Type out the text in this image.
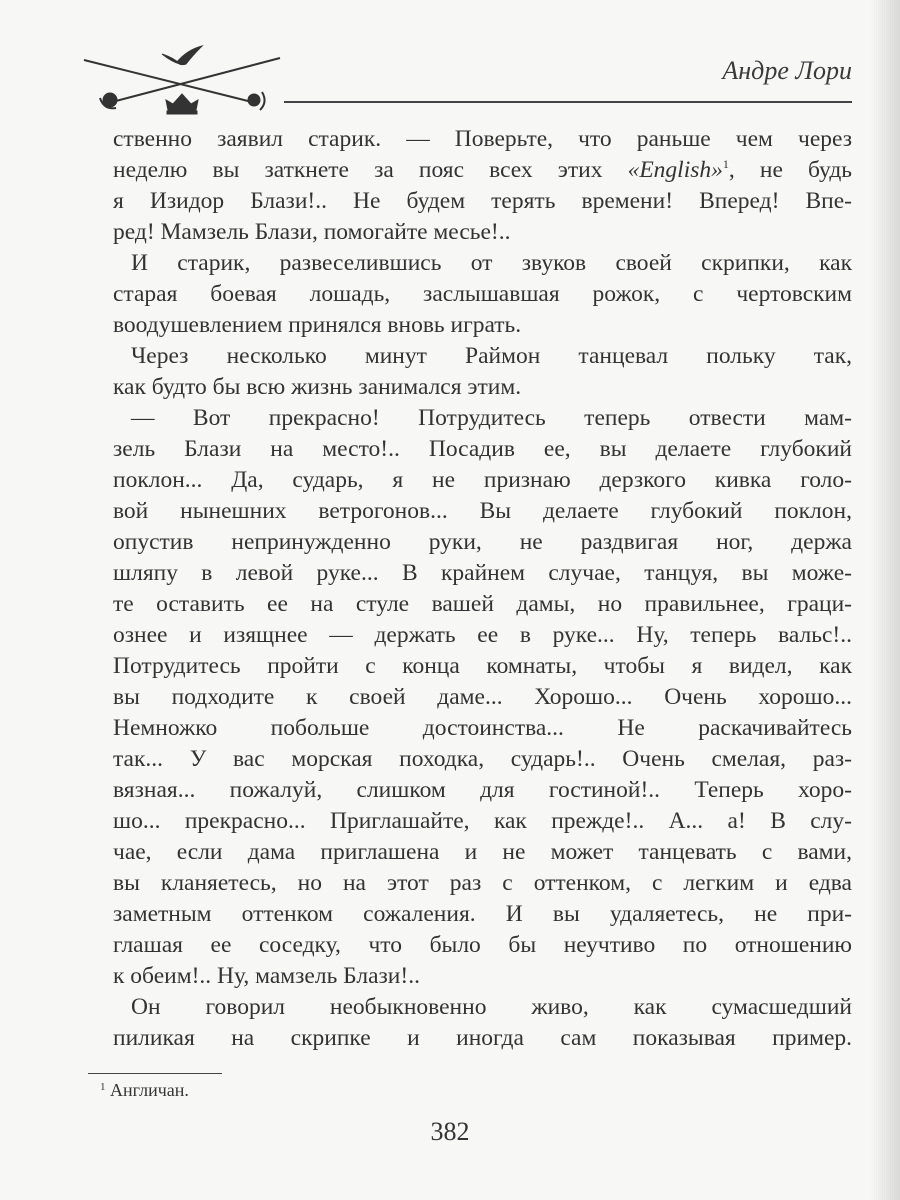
Андре Лори
ственно заявил старик. — Поверьте, что раньше чем через
неделю вы заткнете за пояс всех этих «English»$^1$, не будь
я Изидор Блази!.. Не будем терять времени! Вперед! Впе-
ред! Мамзель Блази, помогайте месье!..
И старик, развеселившись от звуков своей скрипки, как
старая боевая лошадь, заслышавшая рожок, с чертовским
воодушевлением принялся вновь играть.
Через несколько минут Раймон танцевал польку так,
как будто бы всю жизнь занимался этим.
— Вот прекрасно! Потрудитесь теперь отвести мам-
зель Блази на место!.. Посадив ее, вы делаете глубокий
поклон... Да, сударь, я не признаю дерзкого кивка голо-
вой нынешних ветрогонов... Вы делаете глубокий поклон,
опустив непринужденно руки, не раздвигая ног, держа
шляпу в левой руке... В крайнем случае, танцуя, вы може-
те оставить ее на стуле вашей дамы, но правильнее, граци-
ознее и изящнее — держать ее в руке... Ну, теперь вальс!..
Потрудитесь пройти с конца комнаты, чтобы я видел, как
вы подходите к своей даме... Хорошо... Очень хорошо...
Немножко побольше достоинства... Не раскачивайтесь
так... У вас морская походка, сударь!.. Очень смелая, раз-
вязная... пожалуй, слишком для гостиной!.. Теперь хоро-
шо... прекрасно... Приглашайте, как прежде!.. А... а! В слу-
чае, если дама приглашена и не может танцевать с вами,
вы кланяетесь, но на этот раз с оттенком, с легким и едва
заметным оттенком сожаления. И вы удаляетесь, не при-
глашая ее соседку, что было бы неучтиво по отношению
к обеим!.. Ну, мамзель Блази!..
Он говорил необыкновенно живо, как сумасшедший
пиликая на скрипке и иногда сам показывая пример.
$^1$ Англичан.
382
